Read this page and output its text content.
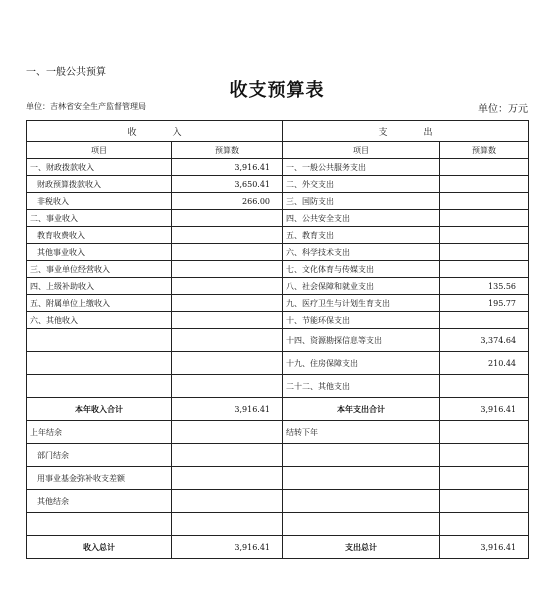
一、一般公共预算
收支预算表
单位：吉林省安全生产监督管理局	单位：万元
收　　　　入		支　　　　出	
项目	预算数	项目	预算数
一、财政拨款收入	3,916.41	一、一般公共服务支出	
财政预算拨款收入	3,650.41	二、外交支出	
非税收入	266.00	三、国防支出	
二、事业收入		四、公共安全支出	
教育收费收入		五、教育支出	
其他事业收入		六、科学技术支出	
三、事业单位经营收入		七、文化体育与传媒支出	
四、上级补助收入		八、社会保障和就业支出	135.56
五、附属单位上缴收入		九、医疗卫生与计划生育支出	195.77
六、其他收入		十、节能环保支出	
		十四、资源勘探信息等支出	3,374.64
		十九、住房保障支出	210.44
		二十二、其他支出	
本年收入合计	3,916.41	本年支出合计	3,916.41
上年结余		结转下年	
部门结余			
用事业基金弥补收支差额			
其他结余			

收入总计	3,916.41	支出总计	3,916.41
